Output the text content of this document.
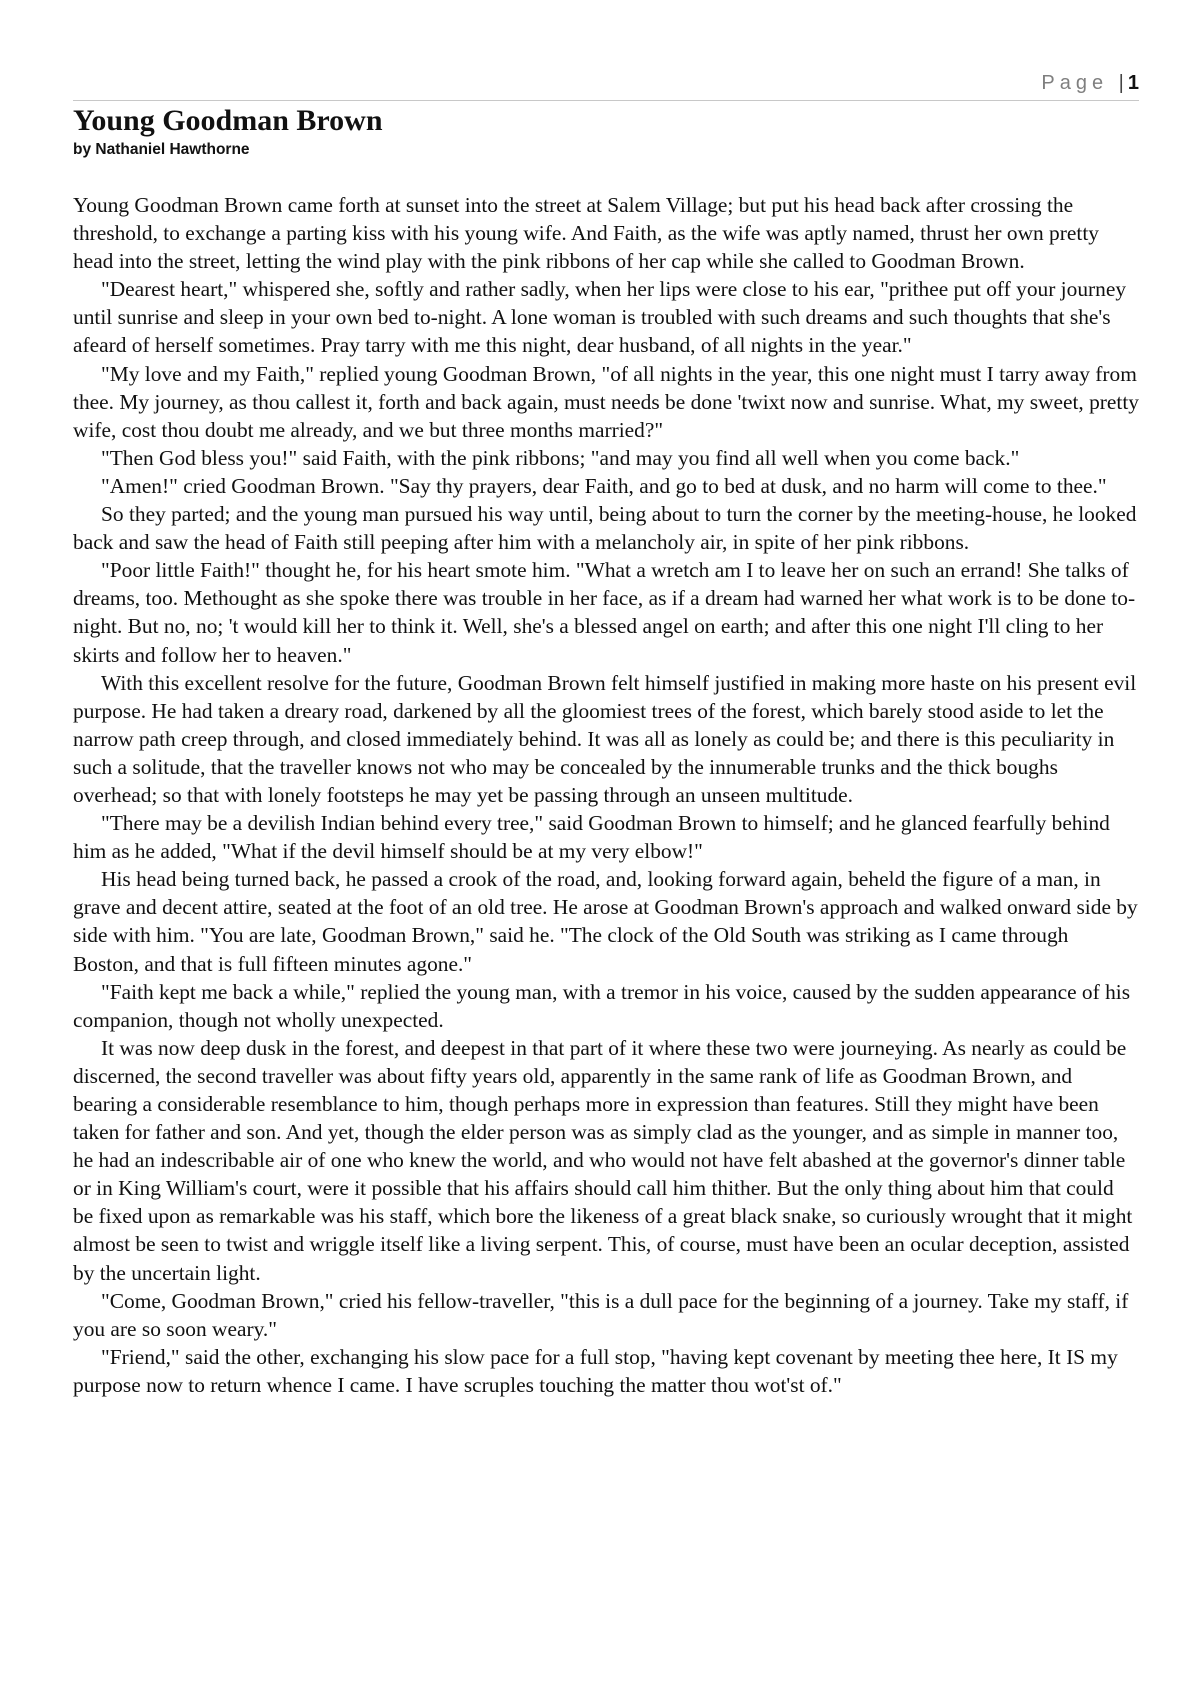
Page | 1
Young Goodman Brown
by Nathaniel Hawthorne

Young Goodman Brown came forth at sunset into the street at Salem Village; but put his head back after crossing the threshold, to exchange a parting kiss with his young wife. And Faith, as the wife was aptly named, thrust her own pretty head into the street, letting the wind play with the pink ribbons of her cap while she called to Goodman Brown.

"Dearest heart," whispered she, softly and rather sadly, when her lips were close to his ear, "prithee put off your journey until sunrise and sleep in your own bed to-night. A lone woman is troubled with such dreams and such thoughts that she's afeard of herself sometimes. Pray tarry with me this night, dear husband, of all nights in the year."

"My love and my Faith," replied young Goodman Brown, "of all nights in the year, this one night must I tarry away from thee. My journey, as thou callest it, forth and back again, must needs be done 'twixt now and sunrise. What, my sweet, pretty wife, cost thou doubt me already, and we but three months married?"

"Then God bless you!" said Faith, with the pink ribbons; "and may you find all well when you come back."

"Amen!" cried Goodman Brown. "Say thy prayers, dear Faith, and go to bed at dusk, and no harm will come to thee."

So they parted; and the young man pursued his way until, being about to turn the corner by the meeting-house, he looked back and saw the head of Faith still peeping after him with a melancholy air, in spite of her pink ribbons.

"Poor little Faith!" thought he, for his heart smote him. "What a wretch am I to leave her on such an errand! She talks of dreams, too. Methought as she spoke there was trouble in her face, as if a dream had warned her what work is to be done to-night. But no, no; 't would kill her to think it. Well, she's a blessed angel on earth; and after this one night I'll cling to her skirts and follow her to heaven."

With this excellent resolve for the future, Goodman Brown felt himself justified in making more haste on his present evil purpose. He had taken a dreary road, darkened by all the gloomiest trees of the forest, which barely stood aside to let the narrow path creep through, and closed immediately behind. It was all as lonely as could be; and there is this peculiarity in such a solitude, that the traveller knows not who may be concealed by the innumerable trunks and the thick boughs overhead; so that with lonely footsteps he may yet be passing through an unseen multitude.

"There may be a devilish Indian behind every tree," said Goodman Brown to himself; and he glanced fearfully behind him as he added, "What if the devil himself should be at my very elbow!"

His head being turned back, he passed a crook of the road, and, looking forward again, beheld the figure of a man, in grave and decent attire, seated at the foot of an old tree. He arose at Goodman Brown's approach and walked onward side by side with him. "You are late, Goodman Brown," said he. "The clock of the Old South was striking as I came through Boston, and that is full fifteen minutes agone."

"Faith kept me back a while," replied the young man, with a tremor in his voice, caused by the sudden appearance of his companion, though not wholly unexpected.

It was now deep dusk in the forest, and deepest in that part of it where these two were journeying. As nearly as could be discerned, the second traveller was about fifty years old, apparently in the same rank of life as Goodman Brown, and bearing a considerable resemblance to him, though perhaps more in expression than features. Still they might have been taken for father and son. And yet, though the elder person was as simply clad as the younger, and as simple in manner too, he had an indescribable air of one who knew the world, and who would not have felt abashed at the governor's dinner table or in King William's court, were it possible that his affairs should call him thither. But the only thing about him that could be fixed upon as remarkable was his staff, which bore the likeness of a great black snake, so curiously wrought that it might almost be seen to twist and wriggle itself like a living serpent. This, of course, must have been an ocular deception, assisted by the uncertain light.

"Come, Goodman Brown," cried his fellow-traveller, "this is a dull pace for the beginning of a journey. Take my staff, if you are so soon weary."

"Friend," said the other, exchanging his slow pace for a full stop, "having kept covenant by meeting thee here, It IS my purpose now to return whence I came. I have scruples touching the matter thou wot'st of."
